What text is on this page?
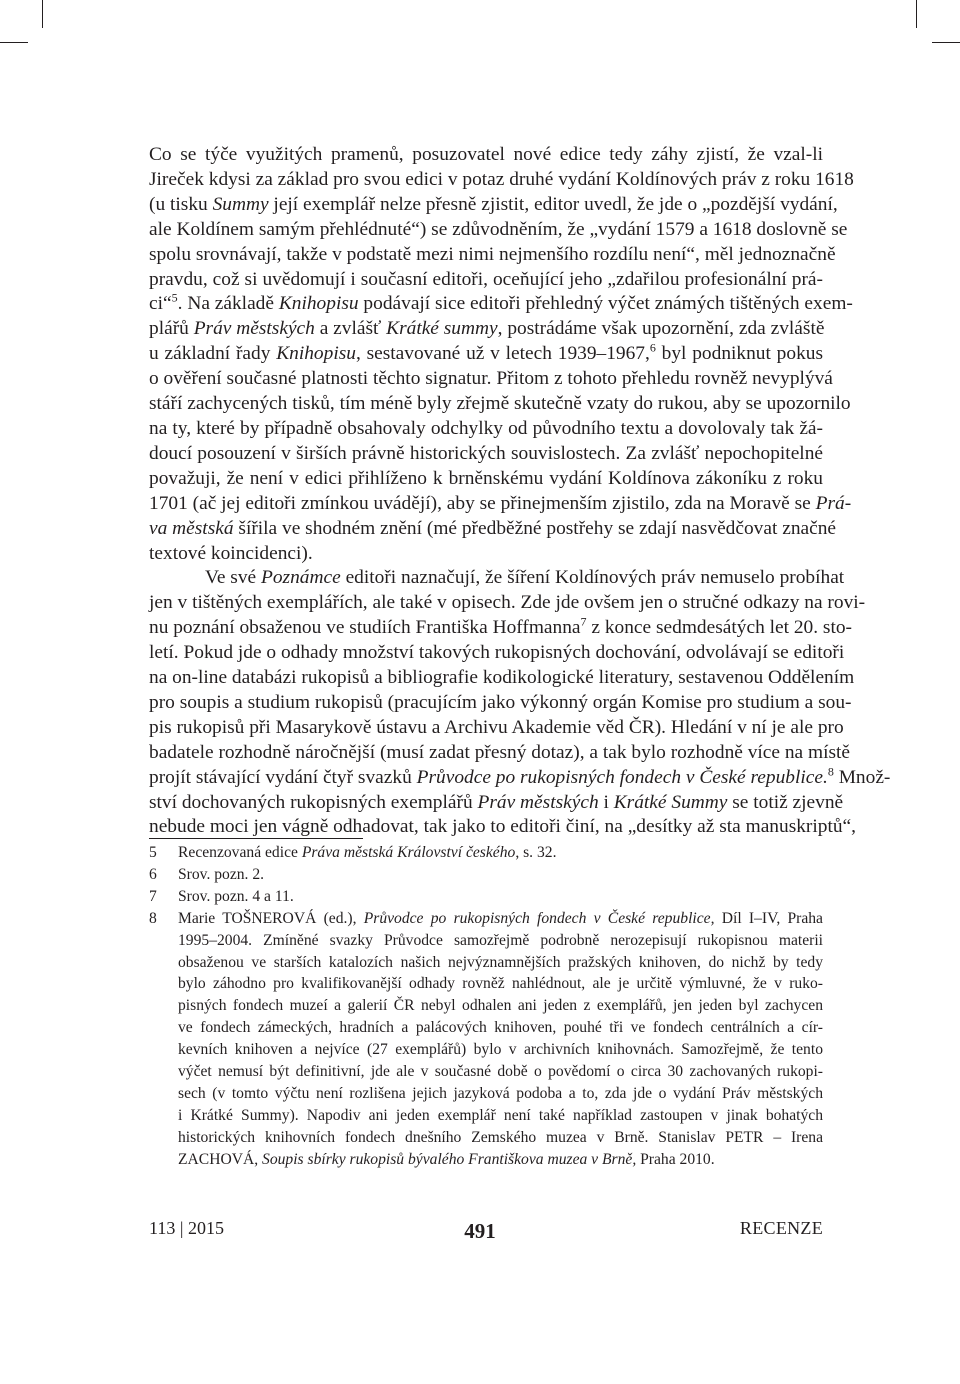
Co se týče využitých pramenů, posuzovatel nové edice tedy záhy zjistí, že vzal-li
Jireček kdysi za základ pro svou edici v potaz druhé vydání Koldínových práv z roku 1618
(u tisku Summy její exemplář nelze přesně zjistit, editor uvedl, že jde o „pozdější vydání,
ale Koldínem samým přehlédnuté“) se zdůvodněním, že „vydání 1579 a 1618 doslovně se
spolu srovnávají, takže v podstatě mezi nimi nejmenšího rozdílu není“, měl jednoznačně
pravdu, což si uvědomují i současní editoři, oceňující jeho „zdařilou profesionální prá-
ci“$^5$. Na základě Knihopisu podávají sice editoři přehledný výčet známých tištěných exem-
plářů Práv městských a zvlášť Krátké summy, postrádáme však upozornění, zda zvláště
u základní řady Knihopisu, sestavované už v letech 1939–1967,$^6$ byl podniknut pokus
o ověření současné platnosti těchto signatur. Přitom z tohoto přehledu rovněž nevyplývá
stáří zachycených tisků, tím méně byly zřejmě skutečně vzaty do rukou, aby se upozornilo
na ty, které by případně obsahovaly odchylky od původního textu a dovolovaly tak žá-
doucí posouzení v širších právně historických souvislostech. Za zvlášť nepochopitelné
považuji, že není v edici přihlíženo k brněnskému vydání Koldínova zákoníku z roku
1701 (ač jej editoři zmínkou uvádějí), aby se přinejmenším zjistilo, zda na Moravě se Prá-
va městská šířila ve shodném znění (mé předběžné postřehy se zdají nasvědčovat značné
textové koincidenci).
Ve své Poznámce editoři naznačují, že šíření Koldínových práv nemuselo probíhat
jen v tištěných exemplářích, ale také v opisech. Zde jde ovšem jen o stručné odkazy na rovi-
nu poznání obsaženou ve studiích Františka Hoffmanna$^7$ z konce sedmdesátých let 20. sto-
letí. Pokud jde o odhady množství takových rukopisných dochování, odvolávají se editoři
na on-line databázi rukopisů a bibliografie kodikologické literatury, sestavenou Oddělením
pro soupis a studium rukopisů (pracujícím jako výkonný orgán Komise pro studium a sou-
pis rukopisů při Masarykově ústavu a Archivu Akademie věd ČR). Hledání v ní je ale pro
badatele rozhodně náročnější (musí zadat přesný dotaz), a tak bylo rozhodně více na místě
projít stávající vydání čtyř svazků Průvodce po rukopisných fondech v České republice.$^8$ Množ-
ství dochovaných rukopisných exemplářů Práv městských i Krátké Summy se totiž zjevně
nebude moci jen vágně odhadovat, tak jako to editoři činí, na „desítky až sta manuskriptů“,
5 Recenzovaná edice Práva městská Království českého, s. 32.
6 Srov. pozn. 2.
7 Srov. pozn. 4 a 11.
8 Marie TOŠNEROVÁ (ed.), Průvodce po rukopisných fondech v České republice, Díl I–IV, Praha
1995–2004. Zmíněné svazky Průvodce samozřejmě podrobně nerozepisují rukopisnou materii
obsaženou ve starších katalozích našich nejvýznamnějších pražských knihoven, do nichž by tedy
bylo záhodno pro kvalifikovanější odhady rovněž nahlédnout, ale je určitě výmluvné, že v ruko-
pisných fondech muzeí a galerií ČR nebyl odhalen ani jeden z exemplářů, jen jeden byl zachycen
ve fondech zámeckých, hradních a palácových knihoven, pouhé tři ve fondech centrálních a cír-
kevních knihoven a nejvíce (27 exemplářů) bylo v archivních knihovnách. Samozřejmě, že tento
výčet nemusí být definitivní, jde ale v současné době o povědomí o circa 30 zachovaných rukopi-
sech (v tomto výčtu není rozlišena jejich jazyková podoba a to, zda jde o vydání Práv městských
i Krátké Summy). Napodiv ani jeden exemplář není také například zastoupen v jinak bohatých
historických knihovních fondech dnešního Zemského muzea v Brně. Stanislav PETR – Irena
ZACHOVÁ, Soupis sbírky rukopisů bývalého Františkova muzea v Brně, Praha 2010.
113 | 2015	491	RECENZE
